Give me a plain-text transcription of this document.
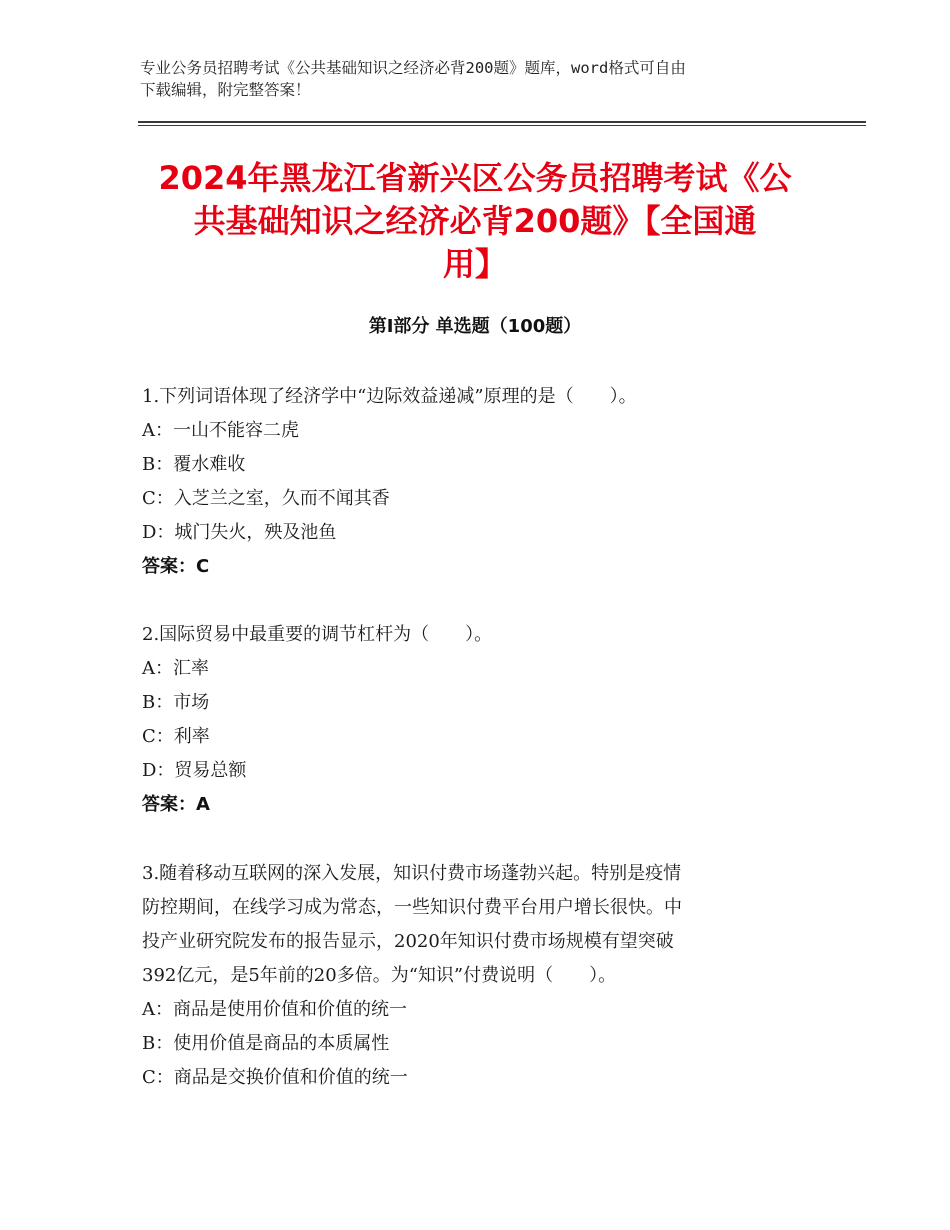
专业公务员招聘考试《公共基础知识之经济必背200题》题库，word格式可自由
下载编辑，附完整答案！
2024年黑龙江省新兴区公务员招聘考试《公
共基础知识之经济必背200题》【全国通
用】
第Ⅰ部分 单选题（100题）
1.下列词语体现了经济学中“边际效益递减”原理的是（　　）。
A：一山不能容二虎
B：覆水难收
C：入芝兰之室，久而不闻其香
D：城门失火，殃及池鱼
答案：C
2.国际贸易中最重要的调节杠杆为（　　）。
A：汇率
B：市场
C：利率
D：贸易总额
答案：A
3.随着移动互联网的深入发展，知识付费市场蓬勃兴起。特别是疫情
防控期间，在线学习成为常态，一些知识付费平台用户增长很快。中
投产业研究院发布的报告显示，2020年知识付费市场规模有望突破
392亿元，是5年前的20多倍。为“知识”付费说明（　　）。
A：商品是使用价值和价值的统一
B：使用价值是商品的本质属性
C：商品是交换价值和价值的统一
